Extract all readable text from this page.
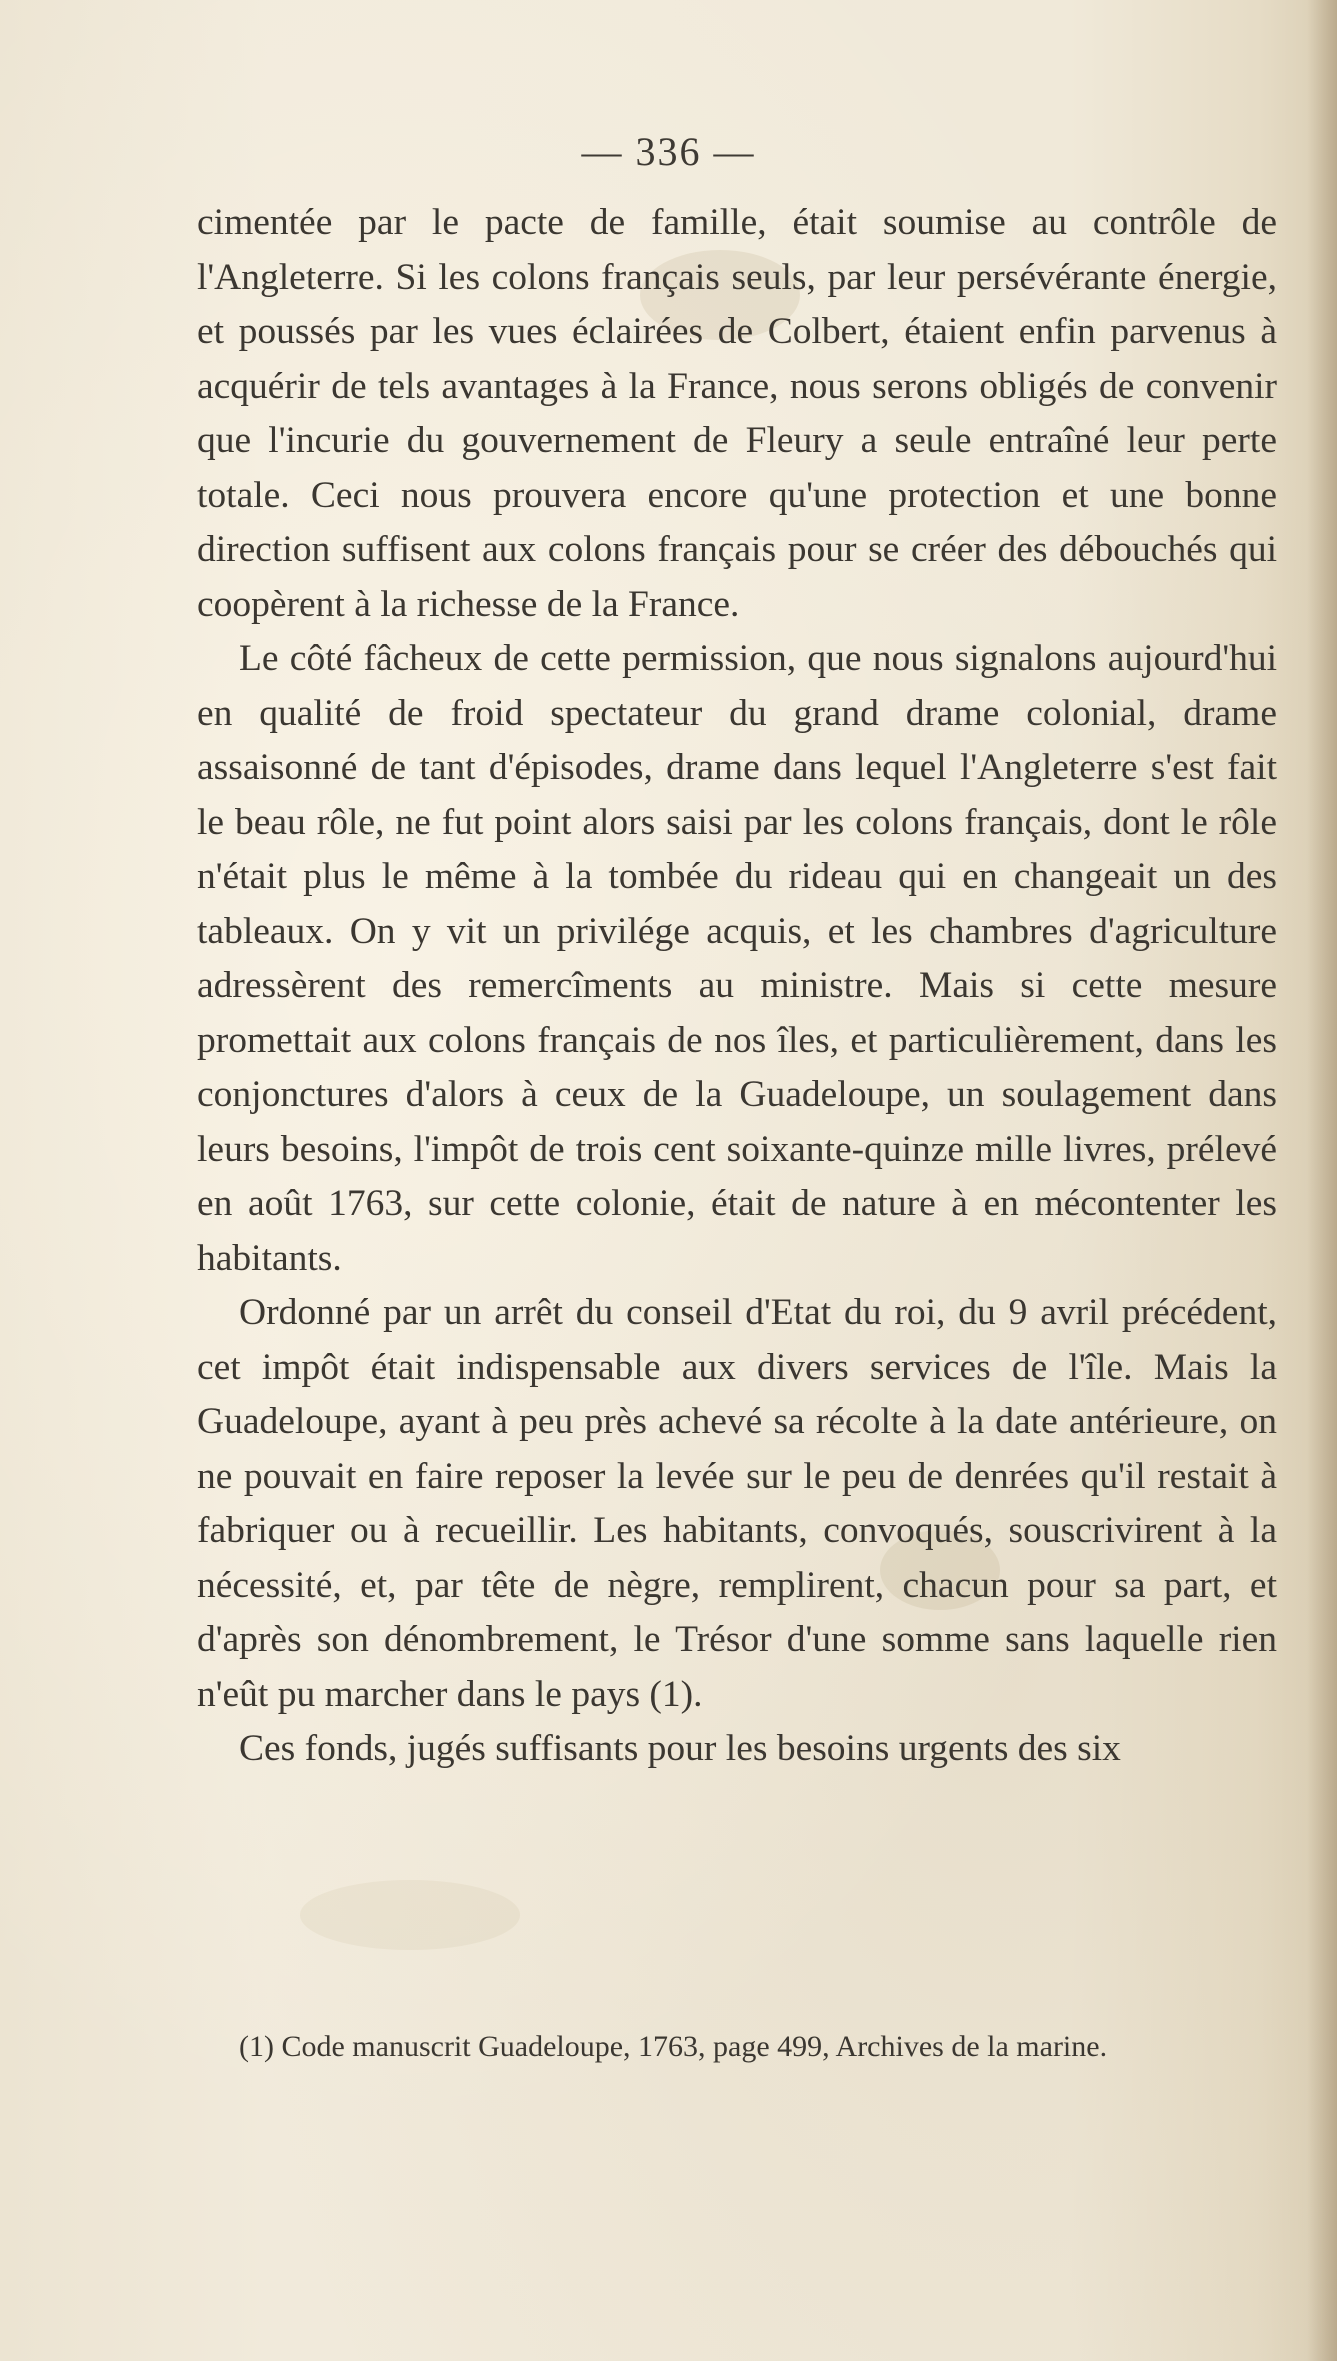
— 336 —

cimentée par le pacte de famille, était soumise au contrôle de l'Angleterre. Si les colons français seuls, par leur persévérante énergie, et poussés par les vues éclairées de Colbert, étaient enfin parvenus à acquérir de tels avantages à la France, nous serons obligés de convenir que l'incurie du gouvernement de Fleury a seule entraîné leur perte totale. Ceci nous prouvera encore qu'une protection et une bonne direction suffisent aux colons français pour se créer des débouchés qui coopèrent à la richesse de la France.

Le côté fâcheux de cette permission, que nous signalons aujourd'hui en qualité de froid spectateur du grand drame colonial, drame assaisonné de tant d'épisodes, drame dans lequel l'Angleterre s'est fait le beau rôle, ne fut point alors saisi par les colons français, dont le rôle n'était plus le même à la tombée du rideau qui en changeait un des tableaux. On y vit un privilége acquis, et les chambres d'agriculture adressèrent des remercîments au ministre. Mais si cette mesure promettait aux colons français de nos îles, et particulièrement, dans les conjonctures d'alors à ceux de la Guadeloupe, un soulagement dans leurs besoins, l'impôt de trois cent soixante-quinze mille livres, prélevé en août 1763, sur cette colonie, était de nature à en mécontenter les habitants.

Ordonné par un arrêt du conseil d'Etat du roi, du 9 avril précédent, cet impôt était indispensable aux divers services de l'île. Mais la Guadeloupe, ayant à peu près achevé sa récolte à la date antérieure, on ne pouvait en faire reposer la levée sur le peu de denrées qu'il restait à fabriquer ou à recueillir. Les habitants, convoqués, souscrivirent à la nécessité, et, par tête de nègre, remplirent, chacun pour sa part, et d'après son dénombrement, le Trésor d'une somme sans laquelle rien n'eût pu marcher dans le pays (1).

Ces fonds, jugés suffisants pour les besoins urgents des six

(1) Code manuscrit Guadeloupe, 1763, page 499, Archives de la marine.
